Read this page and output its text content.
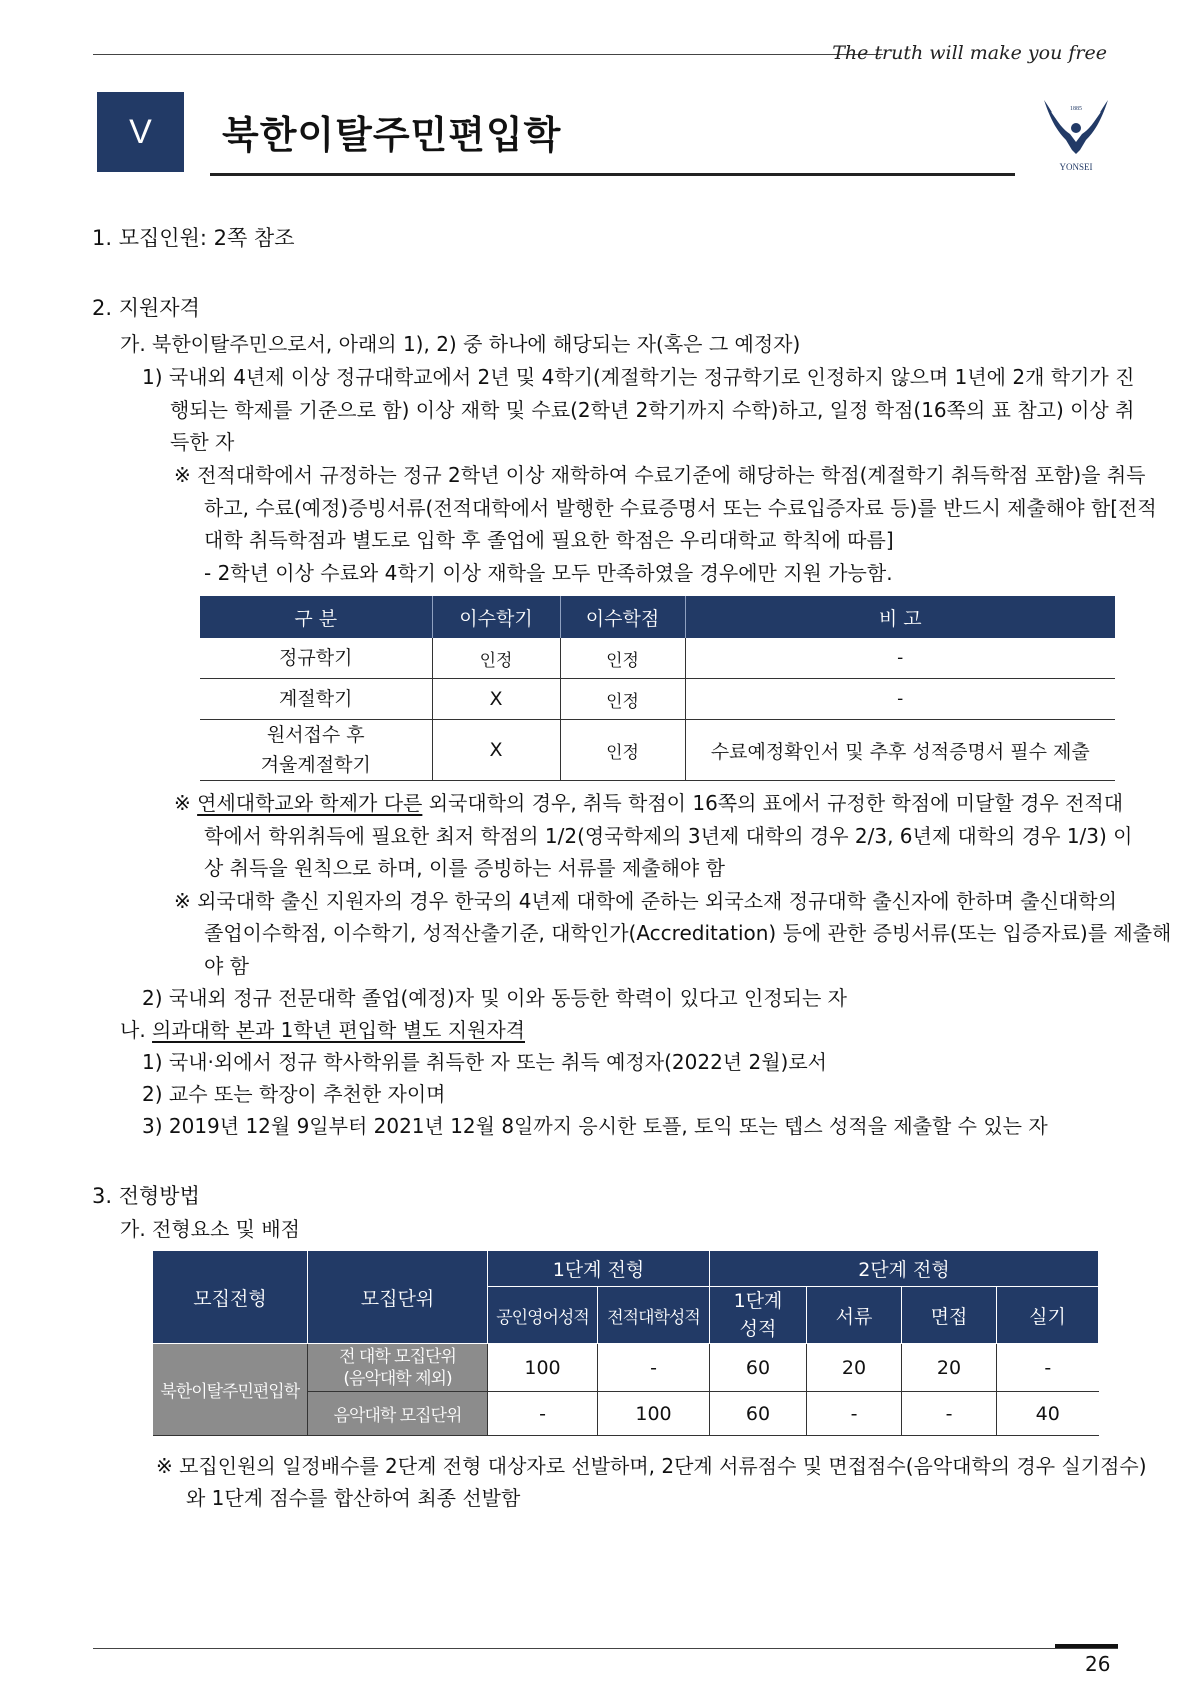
The truth will make you free
V	북한이탈주민편입학
1885
YONSEI
1. 모집인원: 2쪽 참조
2. 지원자격
가. 북한이탈주민으로서, 아래의 1), 2) 중 하나에 해당되는 자(혹은 그 예정자)
1) 국내외 4년제 이상 정규대학교에서 2년 및 4학기(계절학기는 정규학기로 인정하지 않으며 1년에 2개 학기가 진
행되는 학제를 기준으로 함) 이상 재학 및 수료(2학년 2학기까지 수학)하고, 일정 학점(16쪽의 표 참고) 이상 취
득한 자
※ 전적대학에서 규정하는 정규 2학년 이상 재학하여 수료기준에 해당하는 학점(계절학기 취득학점 포함)을 취득
하고, 수료(예정)증빙서류(전적대학에서 발행한 수료증명서 또는 수료입증자료 등)를 반드시 제출해야 함[전적
대학 취득학점과 별도로 입학 후 졸업에 필요한 학점은 우리대학교 학칙에 따름]
- 2학년 이상 수료와 4학기 이상 재학을 모두 만족하였을 경우에만 지원 가능함.
구 분	이수학기	이수학점	비 고
정규학기	인정	인정	-
계절학기	X	인정	-

원서접수 후
겨울계절학기	X	인정	수료예정확인서 및 추후 성적증명서 필수 제출
※ 연세대학교와 학제가 다른 외국대학의 경우, 취득 학점이 16쪽의 표에서 규정한 학점에 미달할 경우 전적대
학에서 학위취득에 필요한 최저 학점의 1/2(영국학제의 3년제 대학의 경우 2/3, 6년제 대학의 경우 1/3) 이
상 취득을 원칙으로 하며, 이를 증빙하는 서류를 제출해야 함
※ 외국대학 출신 지원자의 경우 한국의 4년제 대학에 준하는 외국소재 정규대학 출신자에 한하며 출신대학의
졸업이수학점, 이수학기, 성적산출기준, 대학인가(Accreditation) 등에 관한 증빙서류(또는 입증자료)를 제출해
야 함
2) 국내외 정규 전문대학 졸업(예정)자 및 이와 동등한 학력이 있다고 인정되는 자
나. 의과대학 본과 1학년 편입학 별도 지원자격
1) 국내·외에서 정규 학사학위를 취득한 자 또는 취득 예정자(2022년 2월)로서
2) 교수 또는 학장이 추천한 자이며
3) 2019년 12월 9일부터 2021년 12월 8일까지 응시한 토플, 토익 또는 텝스 성적을 제출할 수 있는 자
3. 전형방법
가. 전형요소 및 배점
모집전형	모집단위	1단계 전형		2단계 전형			
		공인영어성적	전적대학성적	1단계
성적	서류	면접	실기
북한이탈주민편입학	전 대학 모집단위
(음악대학 제외)	100	-	60	20	20	-
	음악대학 모집단위	-	100	60	-	-	40
※ 모집인원의 일정배수를 2단계 전형 대상자로 선발하며, 2단계 서류점수 및 면접점수(음악대학의 경우 실기점수)
와 1단계 점수를 합산하여 최종 선발함
26
